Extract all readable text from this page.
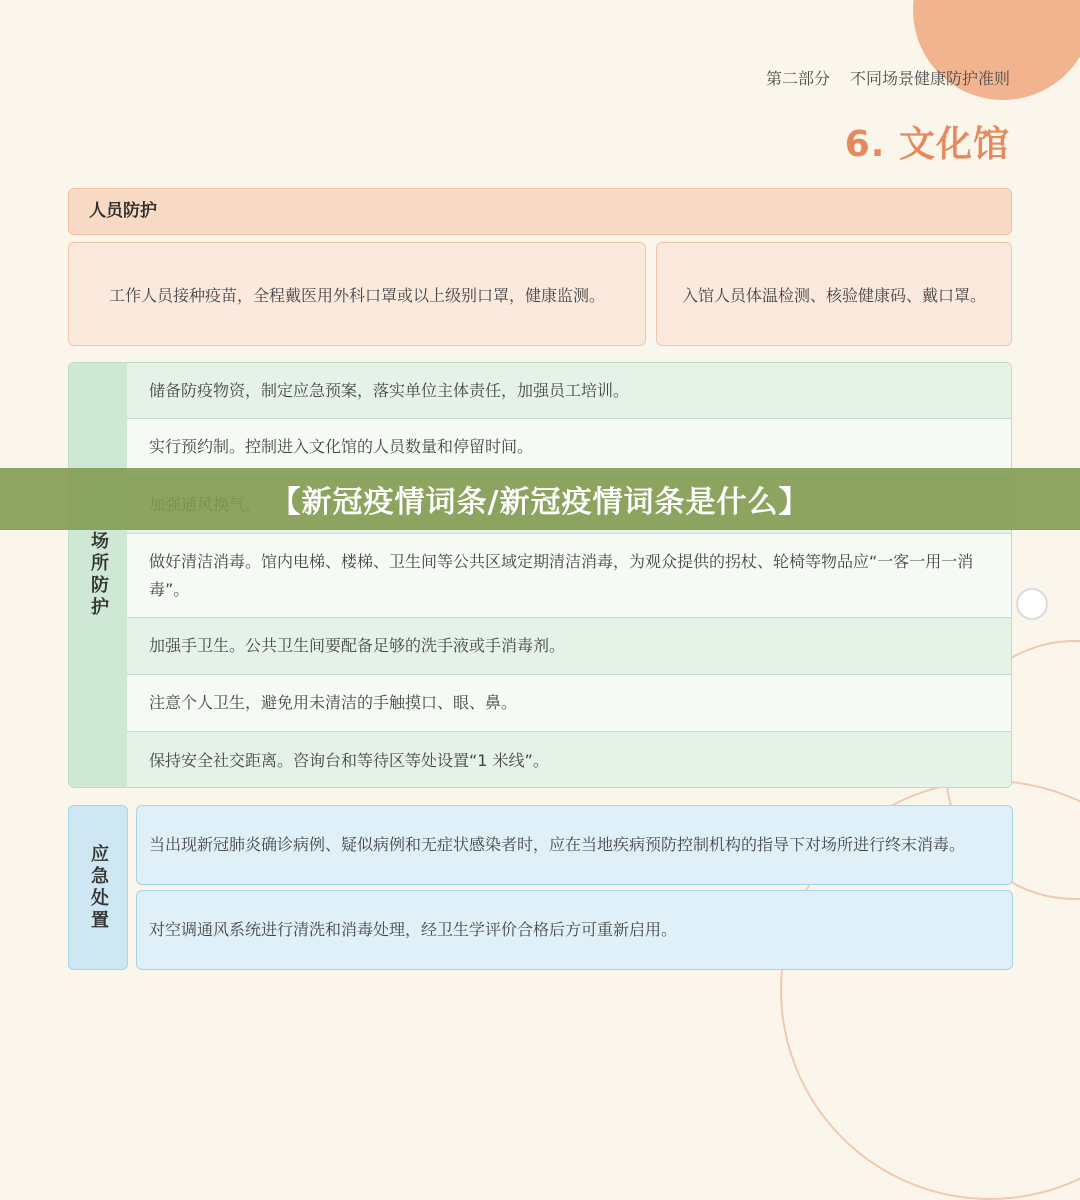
第二部分 不同场景健康防护准则
6. 文化馆
人员防护
工作人员接种疫苗，全程戴医用外科口罩或以上级别口罩，健康监测。	入馆人员体温检测、核验健康码、戴口罩。
场所防护
储备防疫物资，制定应急预案，落实单位主体责任，加强员工培训。
实行预约制。控制进入文化馆的人员数量和停留时间。
做好清洁消毒。馆内电梯、楼梯、卫生间等公共区域定期清洁消毒，为观众提供的拐杖、轮椅等物品应“一客一用一消毒”。
加强手卫生。公共卫生间要配备足够的洗手液或手消毒剂。
注意个人卫生，避免用未清洁的手触摸口、眼、鼻。
保持安全社交距离。咨询台和等待区等处设置“1 米线”。
应急处置	当出现新冠肺炎确诊病例、疑似病例和无症状感染者时，应在当地疾病预防控制机构的指导下对场所进行终末消毒。
对空调通风系统进行清洗和消毒处理，经卫生学评价合格后方可重新启用。
【新冠疫情词条/新冠疫情词条是什么】
